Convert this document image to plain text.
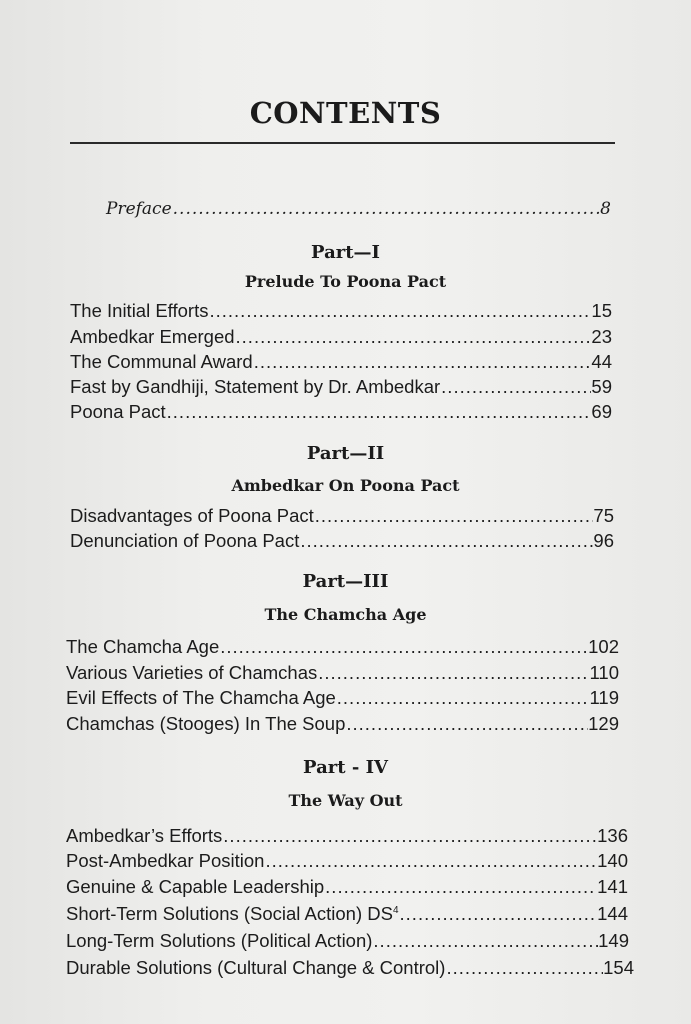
CONTENTS
Preface .....	8
Part—I
Prelude To Poona Pact
The Initial Efforts .....	15
Ambedkar Emerged .....	23
The Communal Award .....	44
Fast by Gandhiji, Statement by Dr. Ambedkar .....	59
Poona Pact .....	69
Part—II
Ambedkar On Poona Pact
Disadvantages of Poona Pact .....	75
Denunciation of Poona Pact .....	96
Part—III
The Chamcha Age
The Chamcha Age .....	102
Various Varieties of Chamchas .....	110
Evil Effects of The Chamcha Age .....	119
Chamchas (Stooges) In The Soup .....	129
Part - IV
The Way Out
Ambedkar’s Efforts .....	136
Post-Ambedkar Position .....	140
Genuine & Capable Leadership .....	141
Short-Term Solutions (Social Action) $DS^4$ .....	144
Long-Term Solutions (Political Action) .....	149
Durable Solutions (Cultural Change & Control) .....	154
